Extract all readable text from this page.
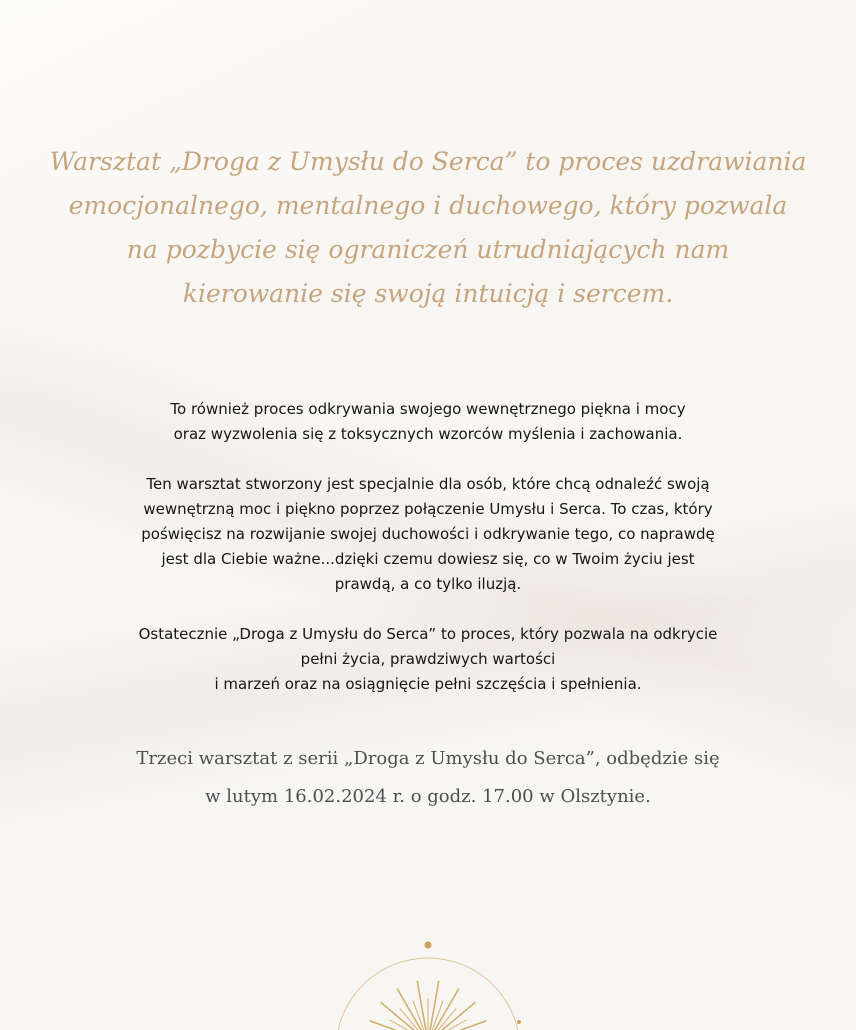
Warsztat „Droga z Umysłu do Serca” to proces uzdrawiania
emocjonalnego, mentalnego i duchowego, który pozwala
na pozbycie się ograniczeń utrudniających nam
kierowanie się swoją intuicją i sercem.

To również proces odkrywania swojego wewnętrznego piękna i mocy
oraz wyzwolenia się z toksycznych wzorców myślenia i zachowania.

Ten warsztat stworzony jest specjalnie dla osób, które chcą odnaleźć swoją
wewnętrzną moc i piękno poprzez połączenie Umysłu i Serca. To czas, który
poświęcisz na rozwijanie swojej duchowości i odkrywanie tego, co naprawdę
jest dla Ciebie ważne...dzięki czemu dowiesz się, co w Twoim życiu jest
prawdą, a co tylko iluzją.

Ostatecznie „Droga z Umysłu do Serca” to proces, który pozwala na odkrycie
pełni życia, prawdziwych wartości
i marzeń oraz na osiągnięcie pełni szczęścia i spełnienia.

Trzeci warsztat z serii „Droga z Umysłu do Serca”, odbędzie się
w lutym 16.02.2024 r. o godz. 17.00 w Olsztynie.
